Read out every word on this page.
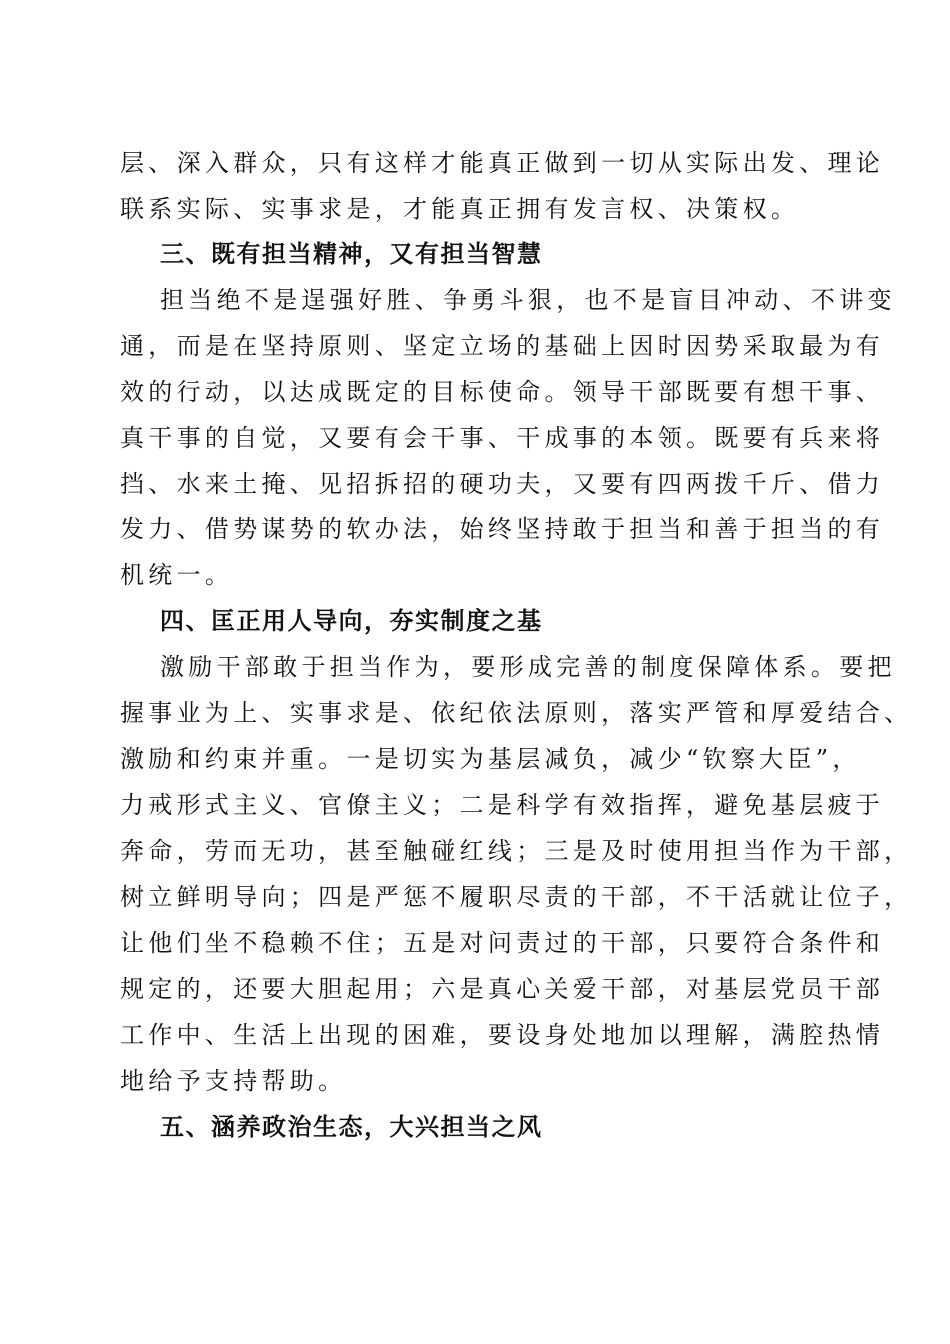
层、深入群众，只有这样才能真正做到一切从实际出发、理论
联系实际、实事求是，才能真正拥有发言权、决策权。
三、既有担当精神，又有担当智慧
担当绝不是逞强好胜、争勇斗狠，也不是盲目冲动、不讲变
通，而是在坚持原则、坚定立场的基础上因时因势采取最为有
效的行动，以达成既定的目标使命。领导干部既要有想干事、
真干事的自觉，又要有会干事、干成事的本领。既要有兵来将
挡、水来土掩、见招拆招的硬功夫，又要有四两拨千斤、借力
发力、借势谋势的软办法，始终坚持敢于担当和善于担当的有
机统一。
四、匡正用人导向，夯实制度之基
激励干部敢于担当作为，要形成完善的制度保障体系。要把
握事业为上、实事求是、依纪依法原则，落实严管和厚爱结合、
激励和约束并重。一是切实为基层减负，减少“钦察大臣”，
力戒形式主义、官僚主义；二是科学有效指挥，避免基层疲于
奔命，劳而无功，甚至触碰红线；三是及时使用担当作为干部，
树立鲜明导向；四是严惩不履职尽责的干部，不干活就让位子，
让他们坐不稳赖不住；五是对问责过的干部，只要符合条件和
规定的，还要大胆起用；六是真心关爱干部，对基层党员干部
工作中、生活上出现的困难，要设身处地加以理解，满腔热情
地给予支持帮助。
五、涵养政治生态，大兴担当之风
